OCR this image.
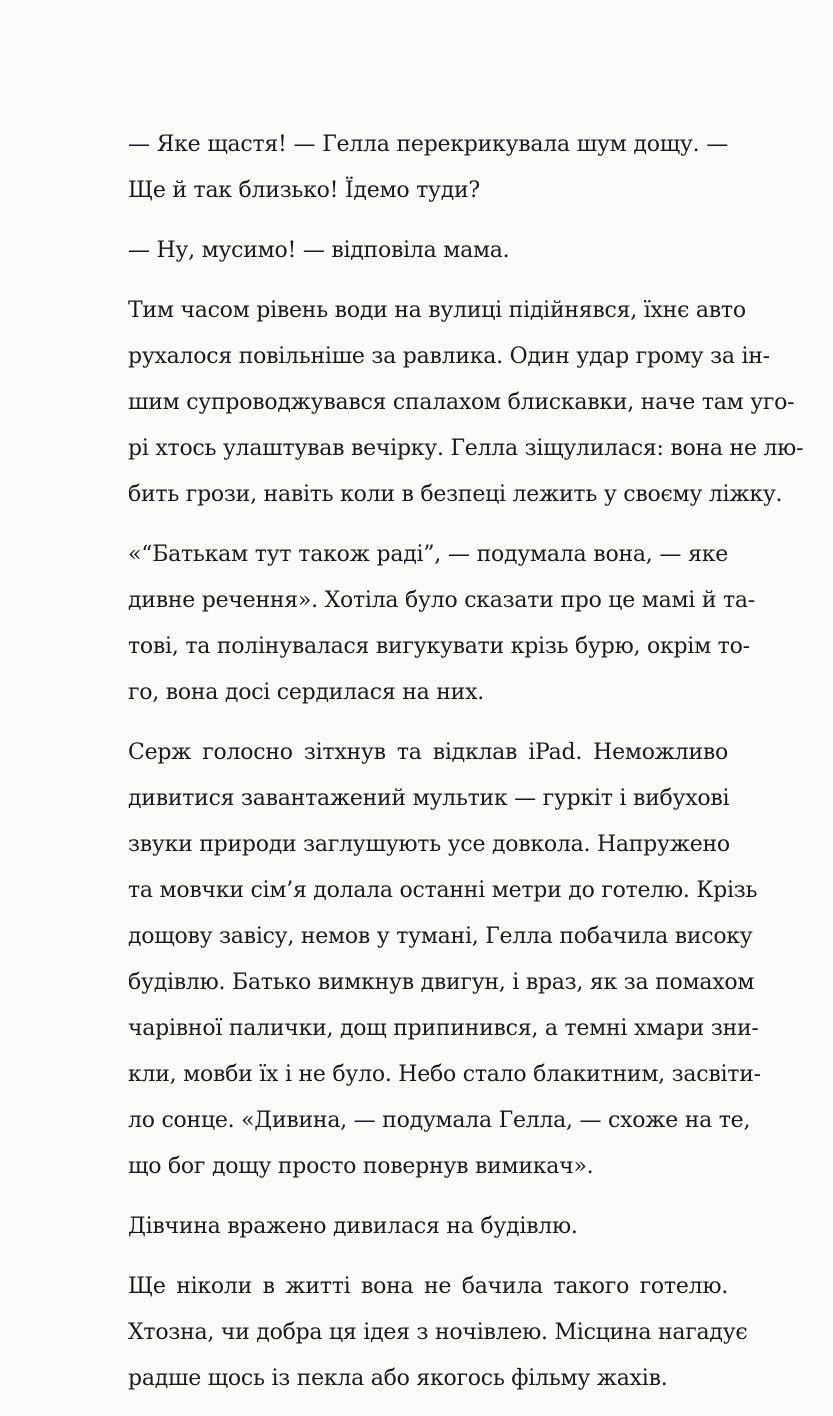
— Яке щастя! — Гелла перекрикувала шум дощу. —
Ще й так близько! Їдемо туди?

— Ну, мусимо! — відповіла мама.

Тим часом рівень води на вулиці підійнявся, їхнє авто
рухалося повільніше за равлика. Один удар грому за ін-
шим супроводжувався спалахом блискавки, наче там уго-
рі хтось улаштував вечірку. Гелла зіщулилася: вона не лю-
бить грози, навіть коли в безпеці лежить у своєму ліжку.

«“Батькам тут також раді”, — подумала вона, — яке
дивне речення». Хотіла було сказати про це мамі й та-
тові, та полінувалася вигукувати крізь бурю, окрім то-
го, вона досі сердилася на них.

Серж голосно зітхнув та відклав iPad. Неможливо
дивитися завантажений мультик — гуркіт і вибухові
звуки природи заглушують усе довкола. Напружено
та мовчки сім’я долала останні метри до готелю. Крізь
дощову завісу, немов у тумані, Гелла побачила високу
будівлю. Батько вимкнув двигун, і враз, як за помахом
чарівної палички, дощ припинився, а темні хмари зни-
кли, мовби їх і не було. Небо стало блакитним, засвіти-
ло сонце. «Дивина, — подумала Гелла, — схоже на те,
що бог дощу просто повернув вимикач».

Дівчина вражено дивилася на будівлю.

Ще ніколи в житті вона не бачила такого готелю.
Хтозна, чи добра ця ідея з ночівлею. Місцина нагадує
радше щось із пекла або якогось фільму жахів.
